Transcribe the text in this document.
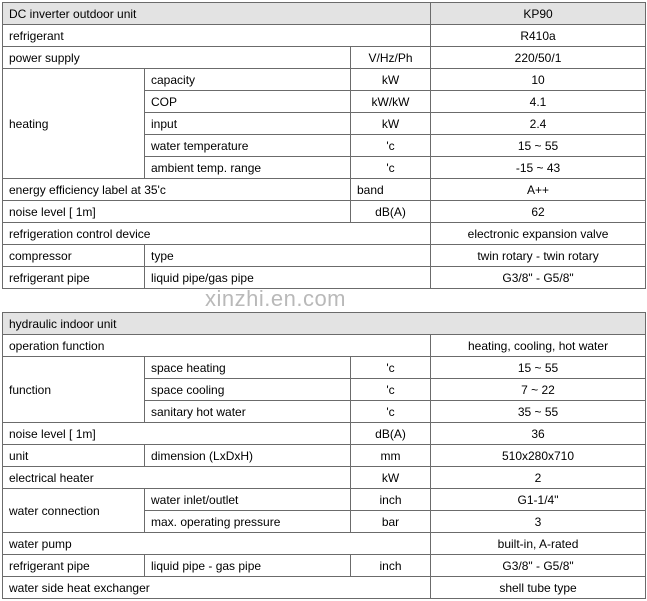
DC inverter outdoor unit			KP90
refrigerant			R410a
power supply		V/Hz/Ph	220/50/1
heating	capacity	kW	10
	COP	kW/kW	4.1
	input	kW	2.4
	water temperature	'c	15 ~ 55
	ambient temp. range	'c	-15 ~ 43
energy efficiency label at 35'c		band	A++
noise level [ 1m]		dB(A)	62
refrigeration control device			electronic expansion valve
compressor	type		twin rotary - twin rotary
refrigerant pipe	liquid pipe/gas pipe		G3/8" - G5/8"
xinzhi.en.com
hydraulic indoor unit			
operation function			heating, cooling, hot water
function	space heating	'c	15 ~ 55
	space cooling	'c	7 ~ 22
	sanitary hot water	'c	35 ~ 55
noise level [ 1m]		dB(A)	36
unit	dimension (LxDxH)	mm	510x280x710
electrical heater		kW	2
water connection	water inlet/outlet	inch	G1-1/4"
	max. operating pressure	bar	3
water pump			built-in, A-rated
refrigerant pipe	liquid pipe - gas pipe	inch	G3/8" - G5/8"
water side heat exchanger			shell tube type
